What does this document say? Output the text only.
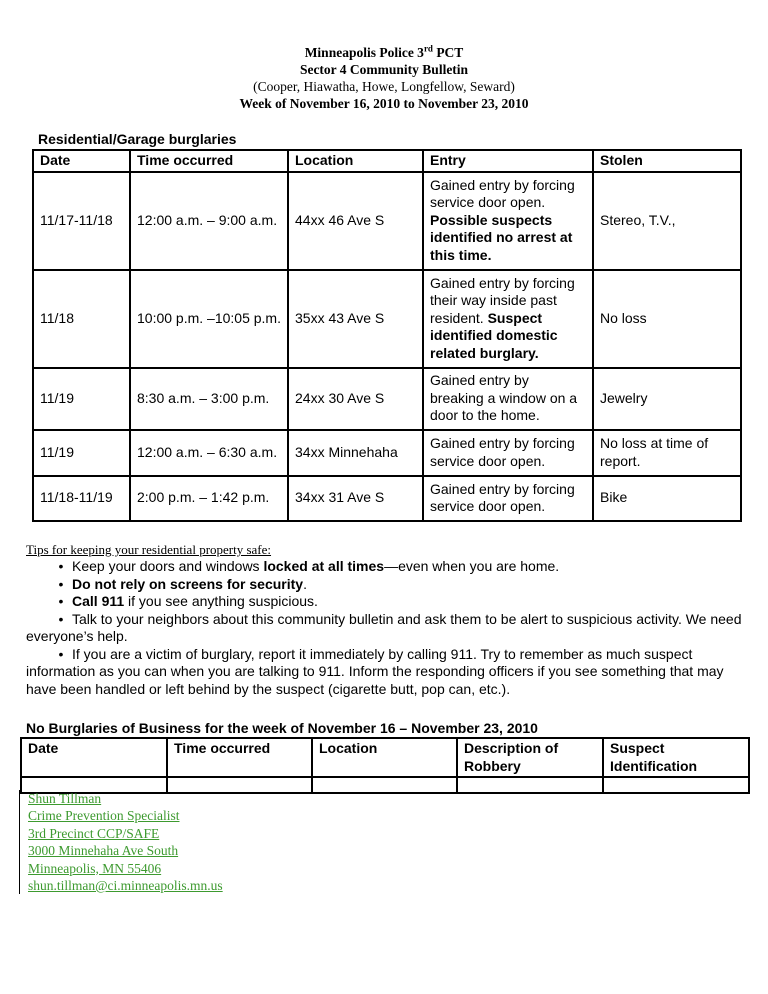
Minneapolis Police 3rd PCT
Sector 4 Community Bulletin
(Cooper, Hiawatha, Howe, Longfellow, Seward)
Week of November 16, 2010 to November 23, 2010
Residential/Garage burglaries
Date	Time occurred	Location	Entry	Stolen
11/17-11/18	12:00 a.m. – 9:00 a.m.	44xx 46 Ave S	Gained entry by forcing service door open. Possible suspects identified no arrest at this time.	Stereo, T.V.,
11/18	10:00 p.m. –10:05 p.m.	35xx 43 Ave S	Gained entry by forcing their way inside past resident. Suspect identified domestic related burglary.	No loss
11/19	8:30 a.m. – 3:00 p.m.	24xx 30 Ave S	Gained entry by breaking a window on a door to the home.	Jewelry
11/19	12:00 a.m. – 6:30 a.m.	34xx Minnehaha	Gained entry by forcing service door open.	No loss at time of report.
11/18-11/19	2:00 p.m. – 1:42 p.m.	34xx 31 Ave S	Gained entry by forcing service door open.	Bike
Tips for keeping your residential property safe:
• Keep your doors and windows locked at all times—even when you are home.
• Do not rely on screens for security.
• Call 911 if you see anything suspicious.
• Talk to your neighbors about this community bulletin and ask them to be alert to suspicious activity. We need everyone’s help.
• If you are a victim of burglary, report it immediately by calling 911. Try to remember as much suspect information as you can when you are talking to 911. Inform the responding officers if you see something that may have been handled or left behind by the suspect (cigarette butt, pop can, etc.).
No Burglaries of Business for the week of November 16 – November 23, 2010
Date	Time occurred	Location	Description of Robbery	Suspect Identification

Shun Tillman
Crime Prevention Specialist
3rd Precinct CCP/SAFE
3000 Minnehaha Ave South
Minneapolis, MN 55406
shun.tillman@ci.minneapolis.mn.us
